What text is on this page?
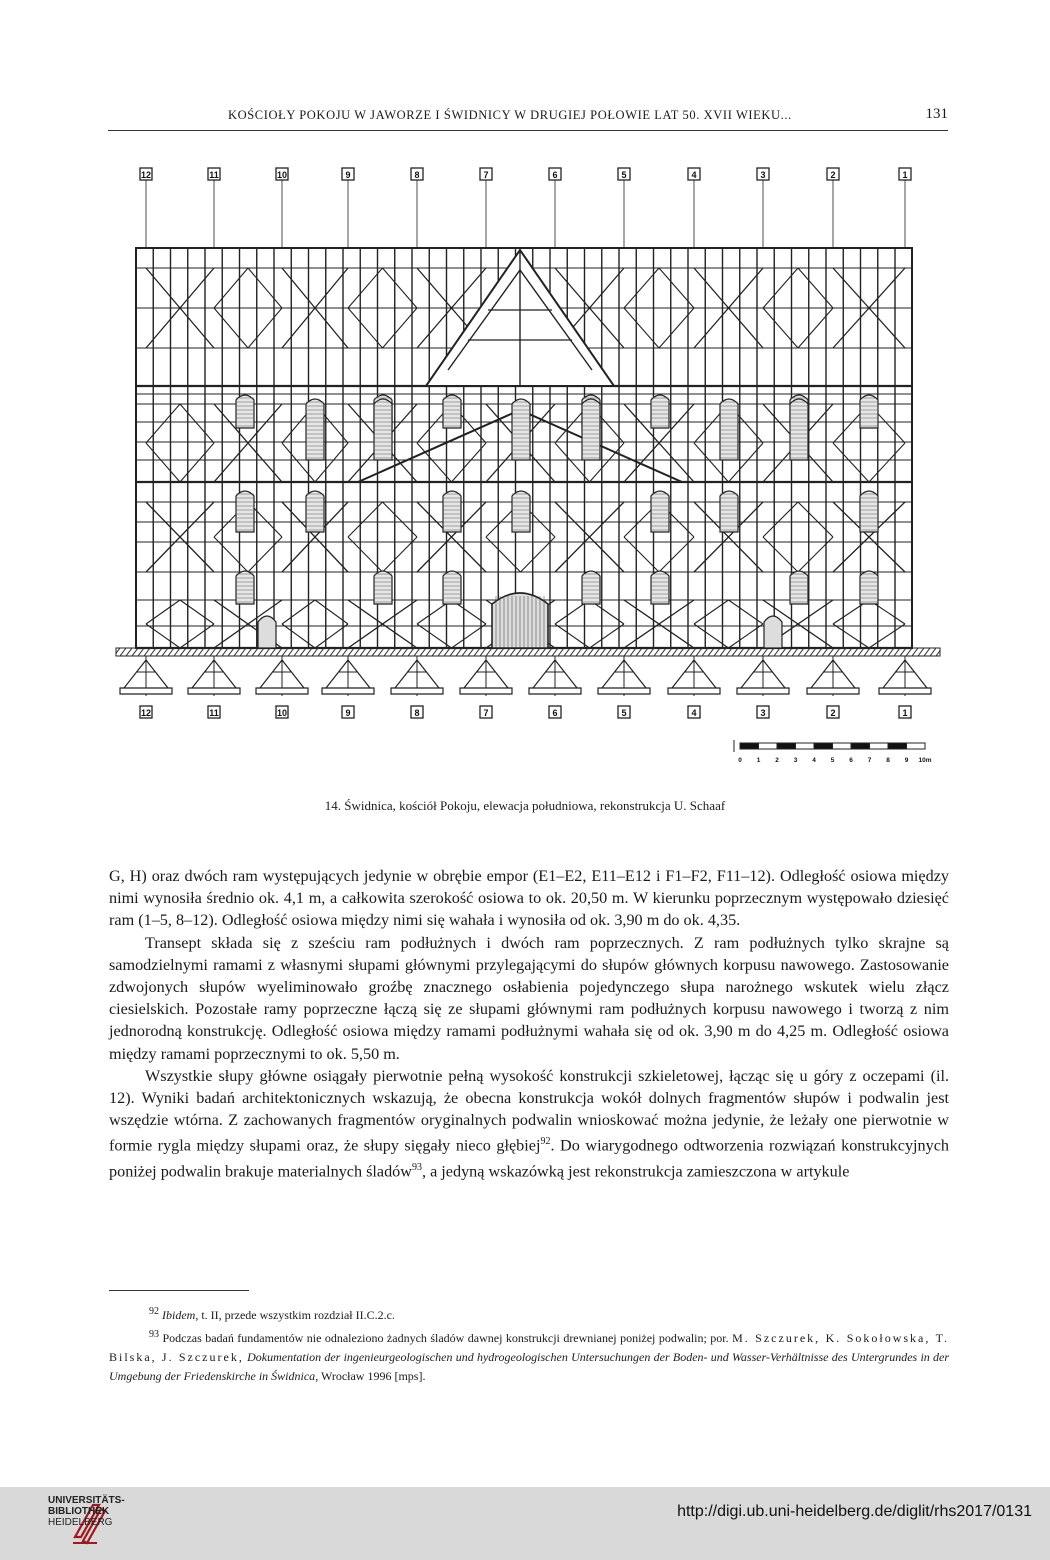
KOŚCIOŁY POKOJU W JAWORZE I ŚWIDNICY W DRUGIEJ POŁOWIE LAT 50. XVII WIEKU...	131
12
12
11
11
10
10
9
9
8
8
7
7
6
6
5
5
4
4
3
3
2
2
1
1
0 1 2 3 4 5 6 7 8 9 10m
14. Świdnica, kościół Pokoju, elewacja południowa, rekonstrukcja U. Schaaf

G, H) oraz dwóch ram występujących jedynie w obrębie empor (E1–E2, E11–E12 i F1–F2, F11–12). Odległość osiowa między nimi wynosiła średnio ok. 4,1 m, a całkowita szerokość osiowa to ok. 20,50 m. W kierunku poprzecznym występowało dziesięć ram (1–5, 8–12). Odległość osiowa między nimi się wahała i wynosiła od ok. 3,90 m do ok. 4,35.

Transept składa się z sześciu ram podłużnych i dwóch ram poprzecznych. Z ram podłużnych tylko skrajne są samodzielnymi ramami z własnymi słupami głównymi przylegającymi do słupów głównych korpusu nawowego. Zastosowanie zdwojonych słupów wyeliminowało groźbę znacznego osłabienia pojedynczego słupa narożnego wskutek wielu złącz ciesielskich. Pozostałe ramy poprzeczne łączą się ze słupami głównymi ram podłużnych korpusu nawowego i tworzą z nim jednorodną konstrukcję. Odległość osiowa między ramami podłużnymi wahała się od ok. 3,90 m do 4,25 m. Odległość osiowa między ramami poprzecznymi to ok. 5,50 m.

Wszystkie słupy główne osiągały pierwotnie pełną wysokość konstrukcji szkieletowej, łącząc się u góry z oczepami (il. 12). Wyniki badań architektonicznych wskazują, że obecna konstrukcja wokół dolnych fragmentów słupów i podwalin jest wszędzie wtórna. Z zachowanych fragmentów oryginalnych podwalin wnioskować można jedynie, że leżały one pierwotnie w formie rygla między słupami oraz, że słupy sięgały nieco głębiej$^{92}$. Do wiarygodnego odtworzenia rozwiązań konstrukcyjnych poniżej podwalin brakuje materialnych śladów$^{93}$, a jedyną wskazówką jest rekonstrukcja zamieszczona w artykule

$^{92}$ Ibidem, t. II, przede wszystkim rozdział II.C.2.c.

$^{93}$ Podczas badań fundamentów nie odnaleziono żadnych śladów dawnej konstrukcji drewnianej poniżej podwalin; por. M. Szczurek, K. Sokołowska, T. Bilska, J. Szczurek, Dokumentation der ingenieurgeologischen und hydrogeologischen Untersuchungen der Boden- und Wasser-Verhältnisse des Untergrundes in der Umgebung der Friedenskirche in Świdnica, Wrocław 1996 [mps].

UNIVERSITÄTS-
BIBLIOTHEK
HEIDELBERG
http://digi.ub.uni-heidelberg.de/diglit/rhs2017/0131
